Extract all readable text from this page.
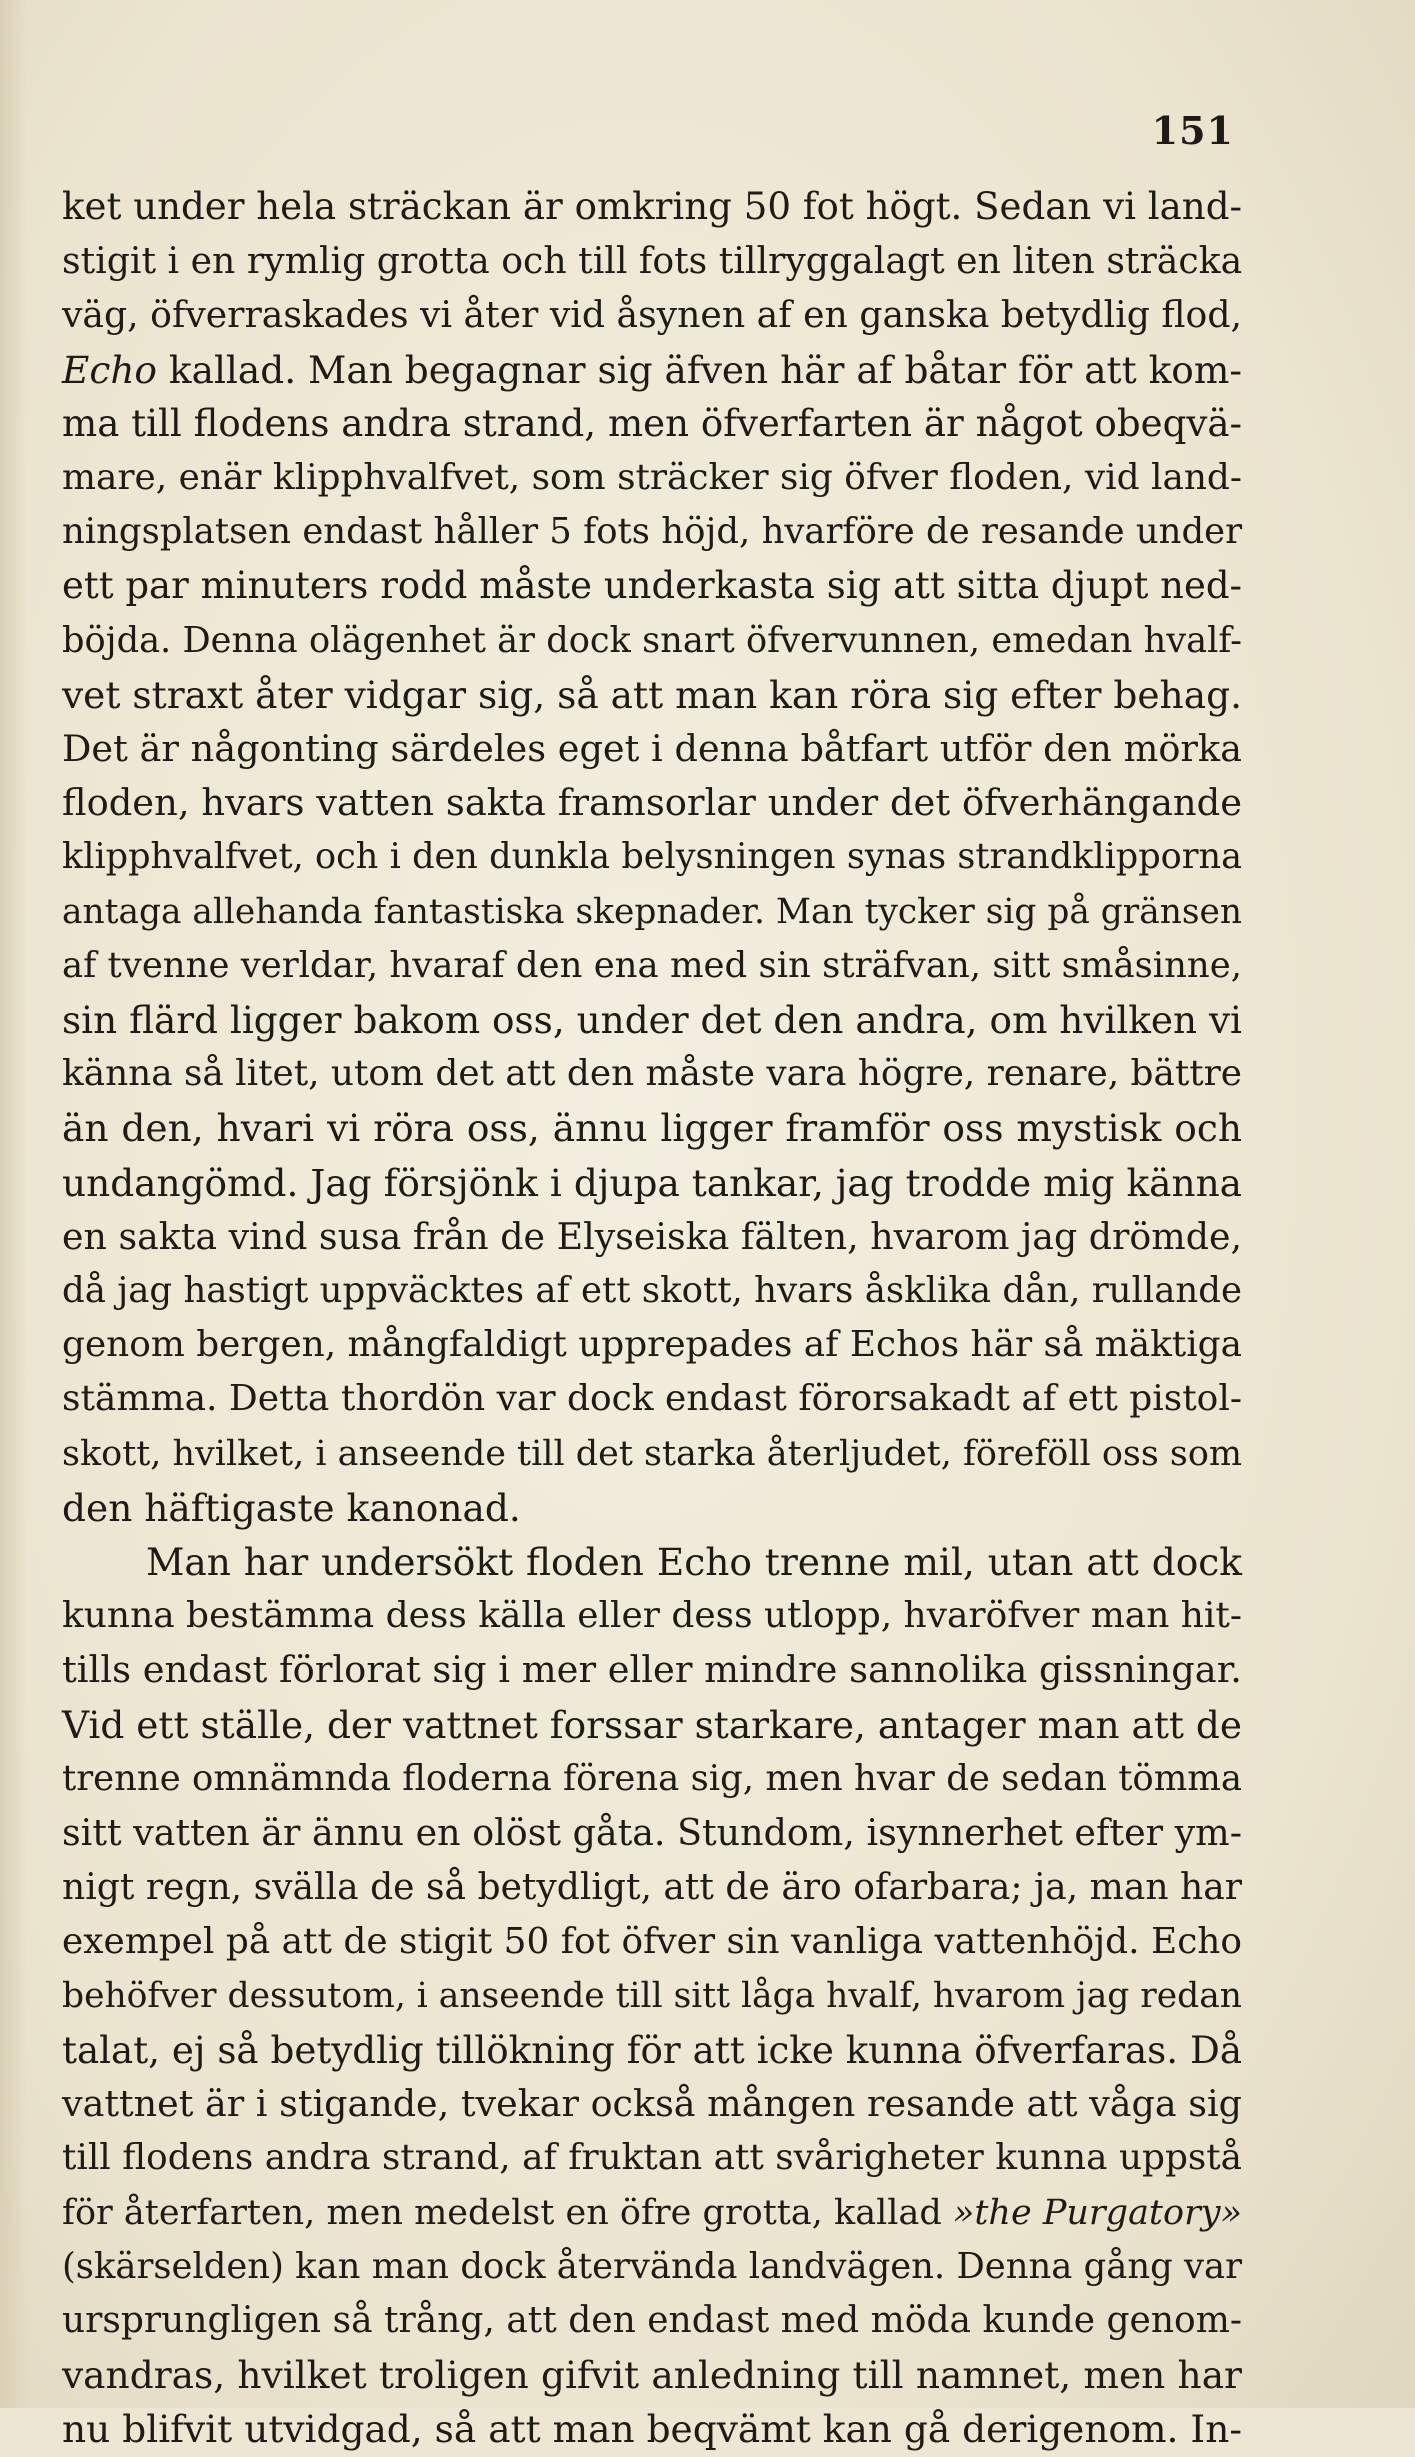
151

ket under hela sträckan är omkring 50 fot högt. Sedan vi land-
stigit i en rymlig grotta och till fots tillryggalagt en liten sträcka
väg, öfverraskades vi åter vid åsynen af en ganska betydlig flod,
Echo kallad. Man begagnar sig äfven här af båtar för att kom-
ma till flodens andra strand, men öfverfarten är något obeqvä-
mare, enär klipphvalfvet, som sträcker sig öfver floden, vid land-
ningsplatsen endast håller 5 fots höjd, hvarföre de resande under
ett par minuters rodd måste underkasta sig att sitta djupt ned-
böjda. Denna olägenhet är dock snart öfvervunnen, emedan hvalf-
vet straxt åter vidgar sig, så att man kan röra sig efter behag.
Det är någonting särdeles eget i denna båtfart utför den mörka
floden, hvars vatten sakta framsorlar under det öfverhängande
klipphvalfvet, och i den dunkla belysningen synas strandklipporna
antaga allehanda fantastiska skepnader. Man tycker sig på gränsen
af tvenne verldar, hvaraf den ena med sin sträfvan, sitt småsinne,
sin flärd ligger bakom oss, under det den andra, om hvilken vi
känna så litet, utom det att den måste vara högre, renare, bättre
än den, hvari vi röra oss, ännu ligger framför oss mystisk och
undangömd. Jag försjönk i djupa tankar, jag trodde mig känna
en sakta vind susa från de Elyseiska fälten, hvarom jag drömde,
då jag hastigt uppväcktes af ett skott, hvars åsklika dån, rullande
genom bergen, mångfaldigt upprepades af Echos här så mäktiga
stämma. Detta thordön var dock endast förorsakadt af ett pistol-
skott, hvilket, i anseende till det starka återljudet, föreföll oss som
den häftigaste kanonad.

Man har undersökt floden Echo trenne mil, utan att dock
kunna bestämma dess källa eller dess utlopp, hvaröfver man hit-
tills endast förlorat sig i mer eller mindre sannolika gissningar.
Vid ett ställe, der vattnet forssar starkare, antager man att de
trenne omnämnda floderna förena sig, men hvar de sedan tömma
sitt vatten är ännu en olöst gåta. Stundom, isynnerhet efter ym-
nigt regn, svälla de så betydligt, att de äro ofarbara; ja, man har
exempel på att de stigit 50 fot öfver sin vanliga vattenhöjd. Echo
behöfver dessutom, i anseende till sitt låga hvalf, hvarom jag redan
talat, ej så betydlig tillökning för att icke kunna öfverfaras. Då
vattnet är i stigande, tvekar också mången resande att våga sig
till flodens andra strand, af fruktan att svårigheter kunna uppstå
för återfarten, men medelst en öfre grotta, kallad »the Purgatory»
(skärselden) kan man dock återvända landvägen. Denna gång var
ursprungligen så trång, att den endast med möda kunde genom-
vandras, hvilket troligen gifvit anledning till namnet, men har
nu blifvit utvidgad, så att man beqvämt kan gå derigenom. In-
